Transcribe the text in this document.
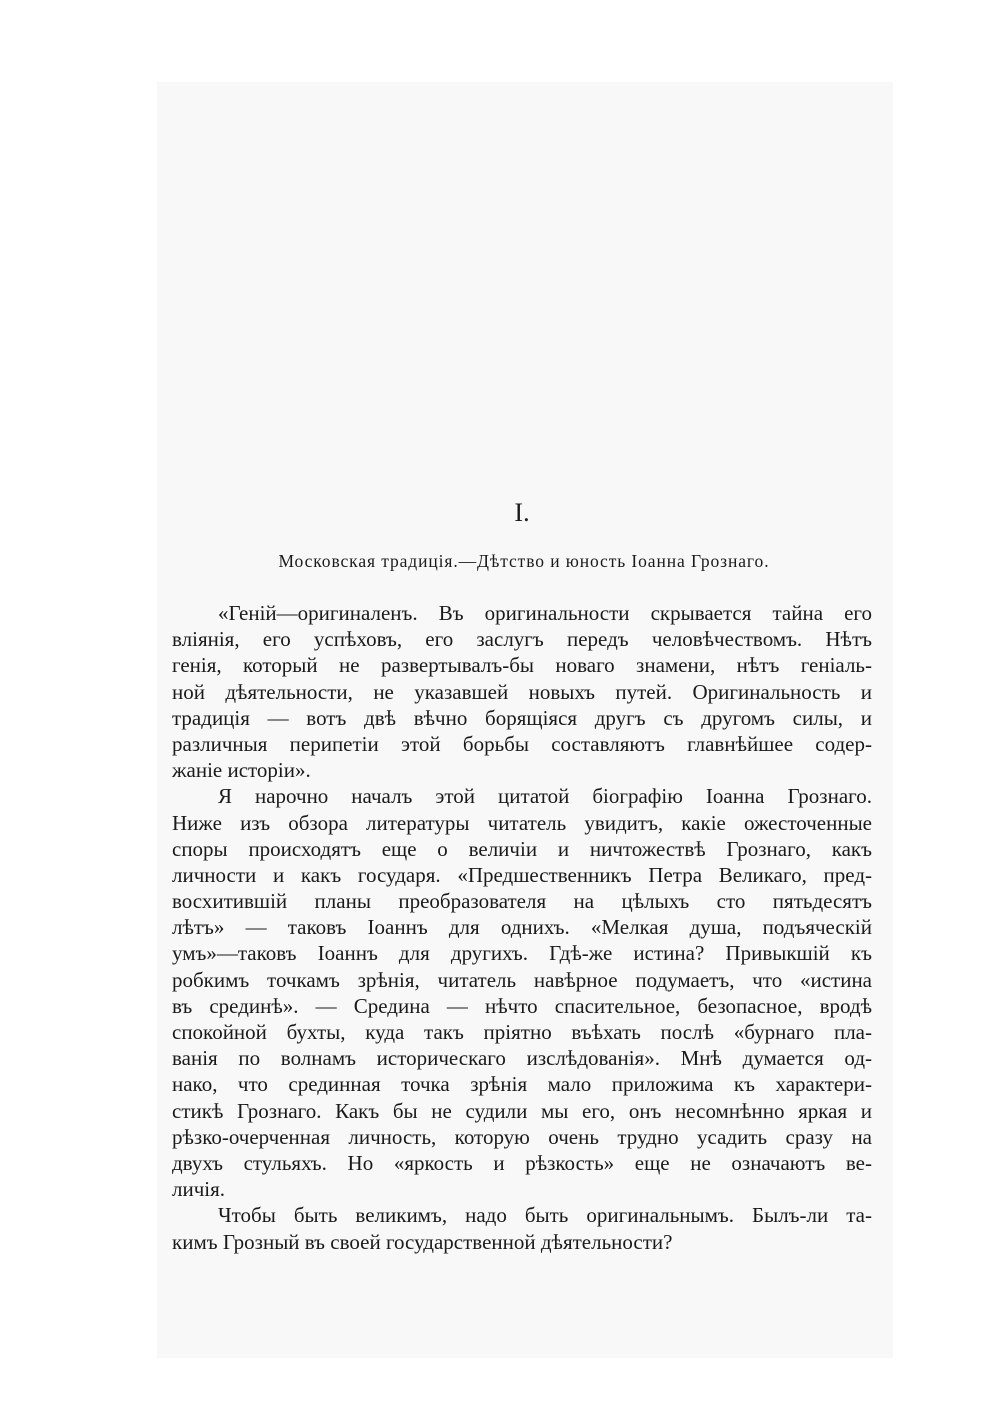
I.
Московская традиція.—Дѣтство и юность Іоанна Грознаго.
«Геній—оригиналенъ. Въ оригинальности скрывается тайна его
вліянія, его успѣховъ, его заслугъ передъ человѣчествомъ. Нѣтъ
генія, который не развертывалъ-бы новаго знамени, нѣтъ геніаль-
ной дѣятельности, не указавшей новыхъ путей. Оригинальность и
традиція — вотъ двѣ вѣчно борящіяся другъ съ другомъ силы, и
различныя перипетіи этой борьбы составляютъ главнѣйшее содер-
жаніе исторіи».
Я нарочно началъ этой цитатой біографію Іоанна Грознаго.
Ниже изъ обзора литературы читатель увидитъ, какіе ожесточенные
споры происходятъ еще о величіи и ничтожествѣ Грознаго, какъ
личности и какъ государя. «Предшественникъ Петра Великаго, пред-
восхитившій планы преобразователя на цѣлыхъ сто пятьдесятъ
лѣтъ» — таковъ Іоаннъ для однихъ. «Мелкая душа, подъяческій
умъ»—таковъ Іоаннъ для другихъ. Гдѣ-же истина? Привыкшій къ
робкимъ точкамъ зрѣнія, читатель навѣрное подумаетъ, что «истина
въ срединѣ». — Средина — нѣчто спасительное, безопасное, вродѣ
спокойной бухты, куда такъ пріятно въѣхать послѣ «бурнаго пла-
ванія по волнамъ историческаго изслѣдованія». Мнѣ думается од-
нако, что срединная точка зрѣнія мало приложима къ характери-
стикѣ Грознаго. Какъ бы не судили мы его, онъ несомнѣнно яркая и
рѣзко-очерченная личность, которую очень трудно усадить сразу на
двухъ стульяхъ. Но «яркость и рѣзкость» еще не означаютъ ве-
личія.
Чтобы быть великимъ, надо быть оригинальнымъ. Былъ-ли та-
кимъ Грозный въ своей государственной дѣятельности?
